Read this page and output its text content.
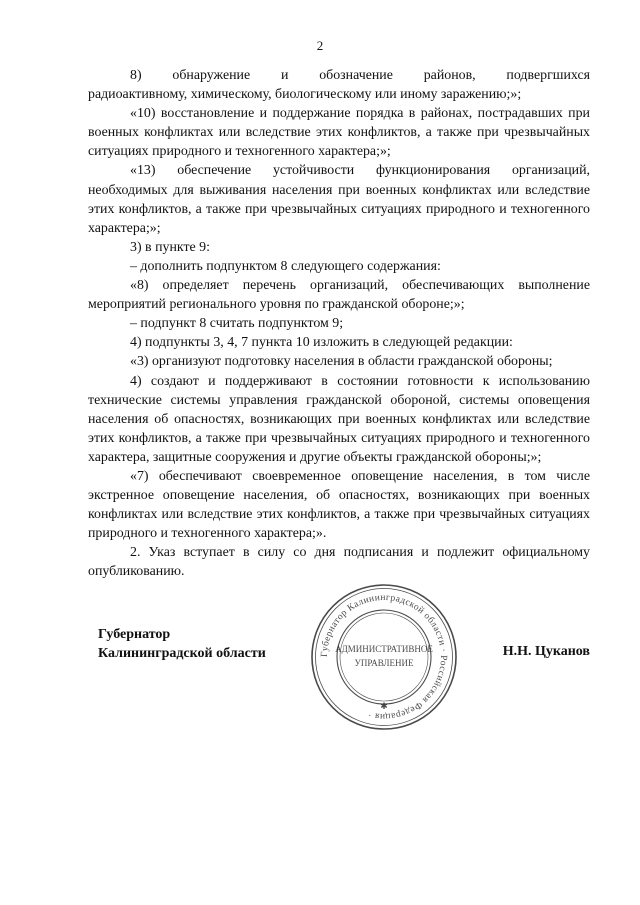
2

8)    обнаружение    и    обозначение    районов,    подвергшихся радиоактивному, химическому, биологическому или иному заражению;»;

«10) восстановление и поддержание порядка в районах, пострадавших при военных конфликтах или вследствие этих конфликтов, а также при чрезвычайных ситуациях природного и техногенного характера;»;

«13) обеспечение устойчивости функционирования организаций, необходимых для выживания населения при военных конфликтах или вследствие этих конфликтов, а также при чрезвычайных ситуациях природного и техногенного характера;»;

3) в пункте 9:

– дополнить подпунктом 8 следующего содержания:

«8) определяет перечень организаций, обеспечивающих выполнение мероприятий регионального уровня по гражданской обороне;»;

– подпункт 8 считать подпунктом 9;

4) подпункты 3, 4, 7 пункта 10 изложить в следующей редакции:

«3) организуют подготовку населения в области гражданской обороны;

4) создают и поддерживают в состоянии готовности к использованию технические системы управления гражданской обороной, системы оповещения населения об опасностях, возникающих при военных конфликтах или вследствие этих конфликтов, а также при чрезвычайных ситуациях природного и техногенного характера, защитные сооружения и другие объекты гражданской обороны;»;

«7) обеспечивают своевременное оповещение населения, в том числе экстренное оповещение населения, об опасностях, возникающих при военных конфликтах или вследствие этих конфликтов, а также при чрезвычайных ситуациях природного и техногенного характера;».

2. Указ вступает в силу со дня подписания и подлежит официальному опубликованию.

Губернатор Калининградской области · Российская Федерация ·
АДМИНИСТРАТИВНОЕ
УПРАВЛЕНИЕ
✱
Губернатор
Калининградской области	Н.Н. Цуканов
